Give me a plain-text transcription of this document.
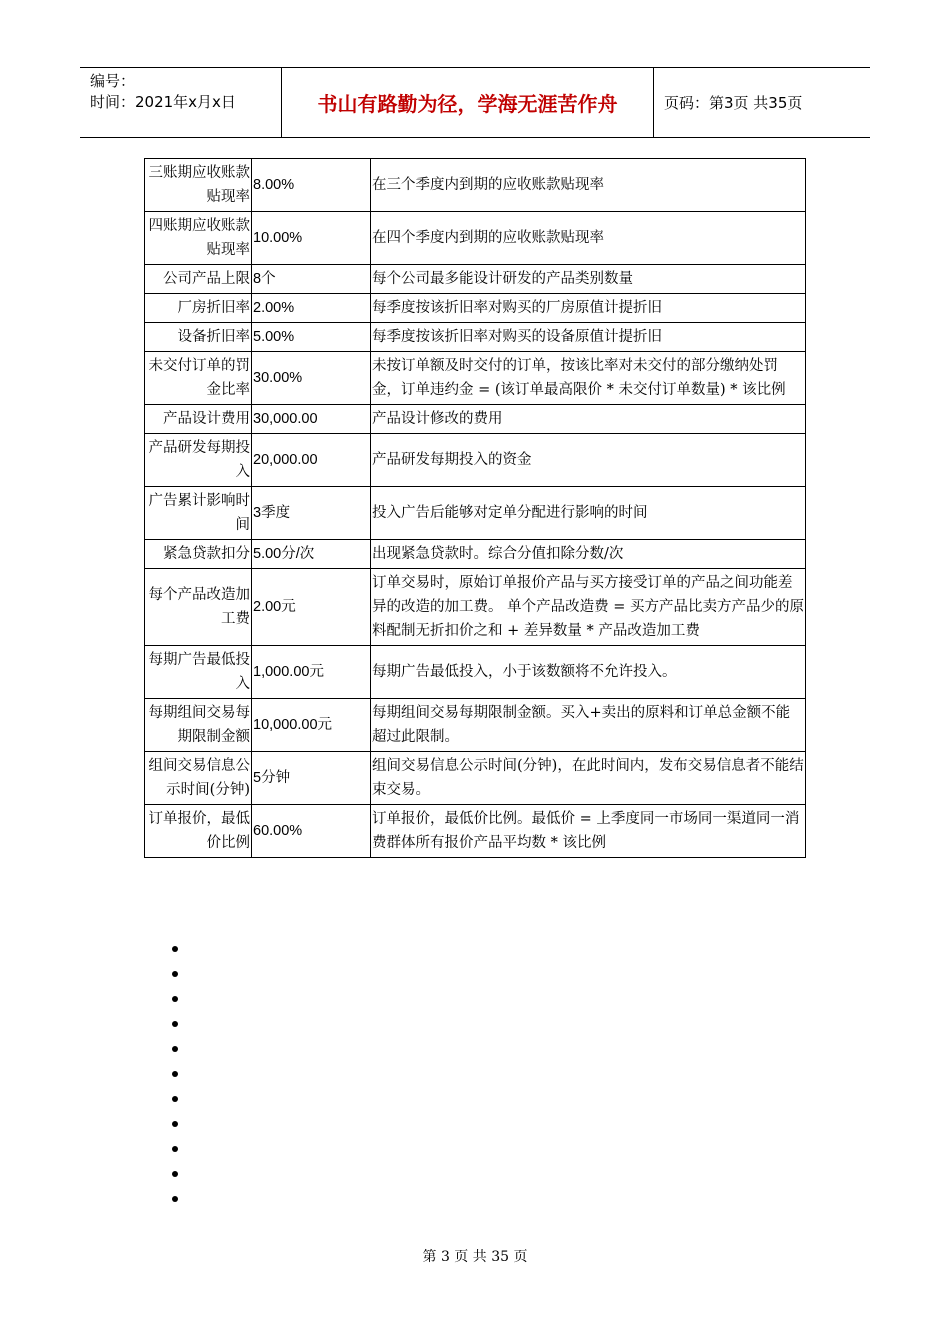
编号：
时间：2021年x月x日	书山有路勤为径，学海无涯苦作舟	页码：第3页 共35页
三账期应收账款贴现率	8.00%	在三个季度内到期的应收账款贴现率
四账期应收账款贴现率	10.00%	在四个季度内到期的应收账款贴现率
公司产品上限	8个	每个公司最多能设计研发的产品类别数量
厂房折旧率	2.00%	每季度按该折旧率对购买的厂房原值计提折旧
设备折旧率	5.00%	每季度按该折旧率对购买的设备原值计提折旧
未交付订单的罚金比率	30.00%	未按订单额及时交付的订单，按该比率对未交付的部分缴纳处罚金，订单违约金 = (该订单最高限价 * 未交付订单数量) * 该比例
产品设计费用	30,000.00	产品设计修改的费用
产品研发每期投入	20,000.00	产品研发每期投入的资金
广告累计影响时间	3季度	投入广告后能够对定单分配进行影响的时间
紧急贷款扣分	5.00分/次	出现紧急贷款时。综合分值扣除分数/次
每个产品改造加工费	2.00元	订单交易时，原始订单报价产品与买方接受订单的产品之间功能差异的改造的加工费。 单个产品改造费 = 买方产品比卖方产品少的原料配制无折扣价之和 + 差异数量 * 产品改造加工费
每期广告最低投入	1,000.00元	每期广告最低投入，小于该数额将不允许投入。
每期组间交易每期限制金额	10,000.00元	每期组间交易每期限制金额。买入+卖出的原料和订单总金额不能超过此限制。
组间交易信息公示时间(分钟)	5分钟	组间交易信息公示时间(分钟)，在此时间内，发布交易信息者不能结束交易。
订单报价，最低价比例	60.00%	订单报价，最低价比例。最低价 = 上季度同一市场同一渠道同一消费群体所有报价产品平均数 * 该比例
第 3 页 共 35 页
